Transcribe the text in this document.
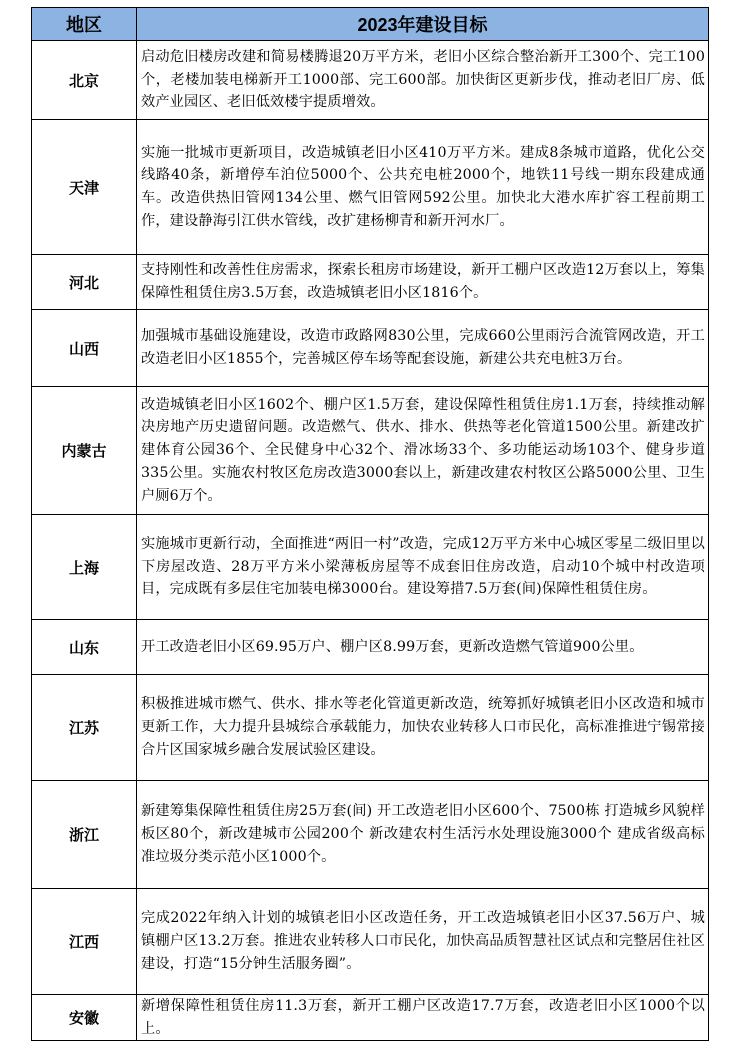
地区	2023年建设目标
北京	启动危旧楼房改建和简易楼腾退20万平方米，老旧小区综合整治新开工300个、完工100个，老楼加装电梯新开工1000部、完工600部。加快街区更新步伐，推动老旧厂房、低效产业园区、老旧低效楼宇提质增效。
天津	实施一批城市更新项目，改造城镇老旧小区410万平方米。建成8条城市道路，优化公交线路40条，新增停车泊位5000个、公共充电桩2000个，地铁11号线一期东段建成通车。改造供热旧管网134公里、燃气旧管网592公里。加快北大港水库扩容工程前期工作，建设静海引江供水管线，改扩建杨柳青和新开河水厂。
河北	支持刚性和改善性住房需求，探索长租房市场建设，新开工棚户区改造12万套以上，筹集保障性租赁住房3.5万套，改造城镇老旧小区1816个。
山西	加强城市基础设施建设，改造市政路网830公里，完成660公里雨污合流管网改造，开工改造老旧小区1855个，完善城区停车场等配套设施，新建公共充电桩3万台。
内蒙古	改造城镇老旧小区1602个、棚户区1.5万套，建设保障性租赁住房1.1万套，持续推动解决房地产历史遗留问题。改造燃气、供水、排水、供热等老化管道1500公里。新建改扩建体育公园36个、全民健身中心32个、滑冰场33个、多功能运动场103个、健身步道335公里。实施农村牧区危房改造3000套以上，新建改建农村牧区公路5000公里、卫生户厕6万个。
上海	实施城市更新行动，全面推进“两旧一村”改造，完成12万平方米中心城区零星二级旧里以下房屋改造、28万平方米小梁薄板房屋等不成套旧住房改造，启动10个城中村改造项目，完成既有多层住宅加装电梯3000台。建设筹措7.5万套(间)保障性租赁住房。
山东	开工改造老旧小区69.95万户、棚户区8.99万套，更新改造燃气管道900公里。
江苏	积极推进城市燃气、供水、排水等老化管道更新改造，统筹抓好城镇老旧小区改造和城市更新工作，大力提升县城综合承载能力，加快农业转移人口市民化，高标准推进宁锡常接合片区国家城乡融合发展试验区建设。
浙江	新建筹集保障性租赁住房25万套(间) 开工改造老旧小区600个、7500栋 打造城乡风貌样板区80个，新改建城市公园200个 新改建农村生活污水处理设施3000个 建成省级高标准垃圾分类示范小区1000个。
江西	完成2022年纳入计划的城镇老旧小区改造任务，开工改造城镇老旧小区37.56万户、城镇棚户区13.2万套。推进农业转移人口市民化，加快高品质智慧社区试点和完整居住社区建设，打造“15分钟生活服务圈”。
安徽	新增保障性租赁住房11.3万套，新开工棚户区改造17.7万套，改造老旧小区1000个以上。
